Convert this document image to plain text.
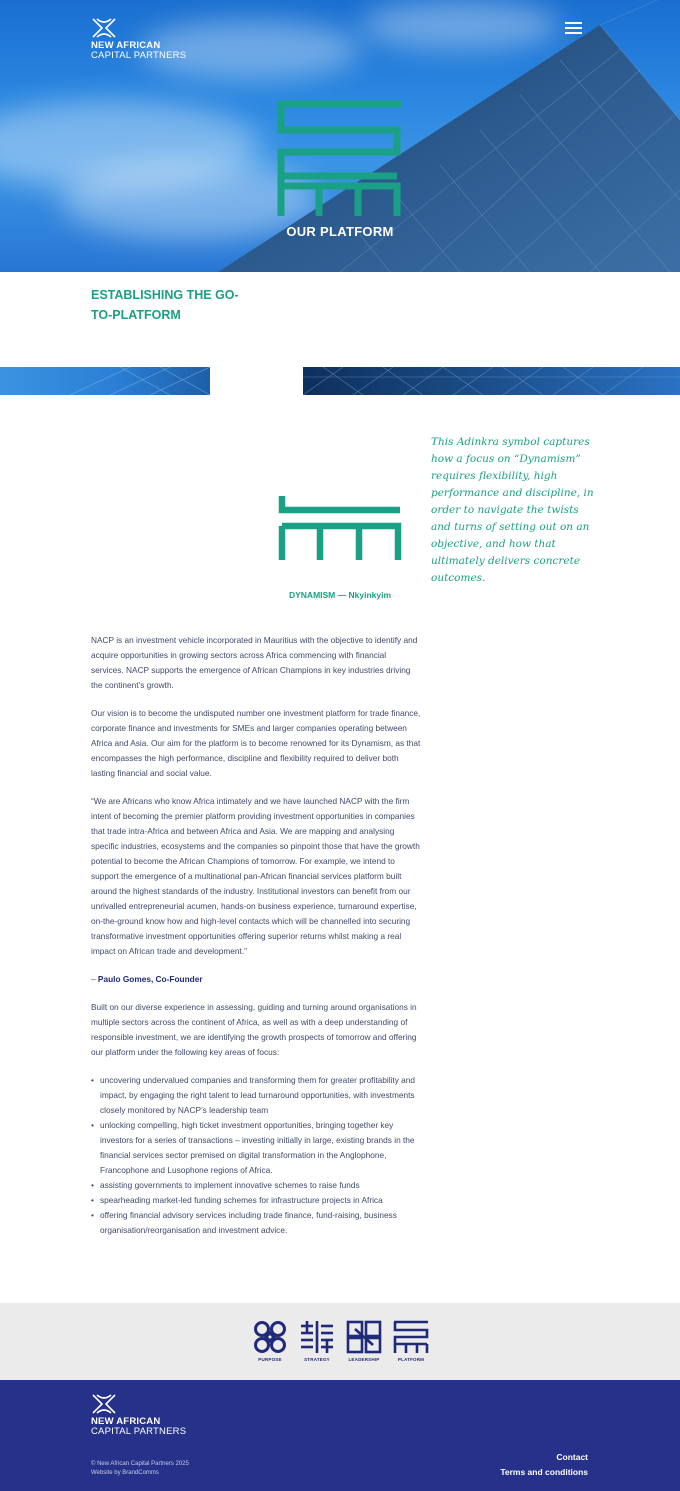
NEW AFRICAN
CAPITAL PARTNERS
OUR PLATFORM
ESTABLISHING THE GO-TO-PLATFORM
DYNAMISM — Nkyinkyim
This Adinkra symbol captures how a focus on “Dynamism” requires flexibility, high performance and discipline, in order to navigate the twists and turns of setting out on an objective, and how that ultimately delivers concrete outcomes.

NACP is an investment vehicle incorporated in Mauritius with the objective to identify and acquire opportunities in growing sectors across Africa commencing with financial services. NACP supports the emergence of African Champions in key industries driving the continent’s growth.

Our vision is to become the undisputed number one investment platform for trade finance, corporate finance and investments for SMEs and larger companies operating between Africa and Asia. Our aim for the platform is to become renowned for its Dynamism, as that encompasses the high performance, discipline and flexibility required to deliver both lasting financial and social value.

“We are Africans who know Africa intimately and we have launched NACP with the firm intent of becoming the premier platform providing investment opportunities in companies that trade intra-Africa and between Africa and Asia. We are mapping and analysing specific industries, ecosystems and the companies so pinpoint those that have the growth potential to become the African Champions of tomorrow. For example, we intend to support the emergence of a multinational pan-African financial services platform built around the highest standards of the industry. Institutional investors can benefit from our unrivalled entrepreneurial acumen, hands-on business experience, turnaround expertise, on-the-ground know how and high-level contacts which will be channelled into securing transformative investment opportunities offering superior returns whilst making a real impact on African trade and development.”

– Paulo Gomes, Co-Founder

Built on our diverse experience in assessing, guiding and turning around organisations in multiple sectors across the continent of Africa, as well as with a deep understanding of responsible investment, we are identifying the growth prospects of tomorrow and offering our platform under the following key areas of focus:

• uncovering undervalued companies and transforming them for greater profitability and impact, by engaging the right talent to lead turnaround opportunities, with investments closely monitored by NACP’s leadership team
• unlocking compelling, high ticket investment opportunities, bringing together key investors for a series of transactions – investing initially in large, existing brands in the financial services sector premised on digital transformation in the Anglophone, Francophone and Lusophone regions of Africa.
• assisting governments to implement innovative schemes to raise funds
• spearheading market-led funding schemes for infrastructure projects in Africa
• offering financial advisory services including trade finance, fund-raising, business organisation/reorganisation and investment advice.
PURPOSE	STRATEGY	LEADERSHIP	PLATFORM
NEW AFRICAN
CAPITAL PARTNERS
© New African Capital Partners 2025
Website by BrandComms
Contact
Terms and conditions
